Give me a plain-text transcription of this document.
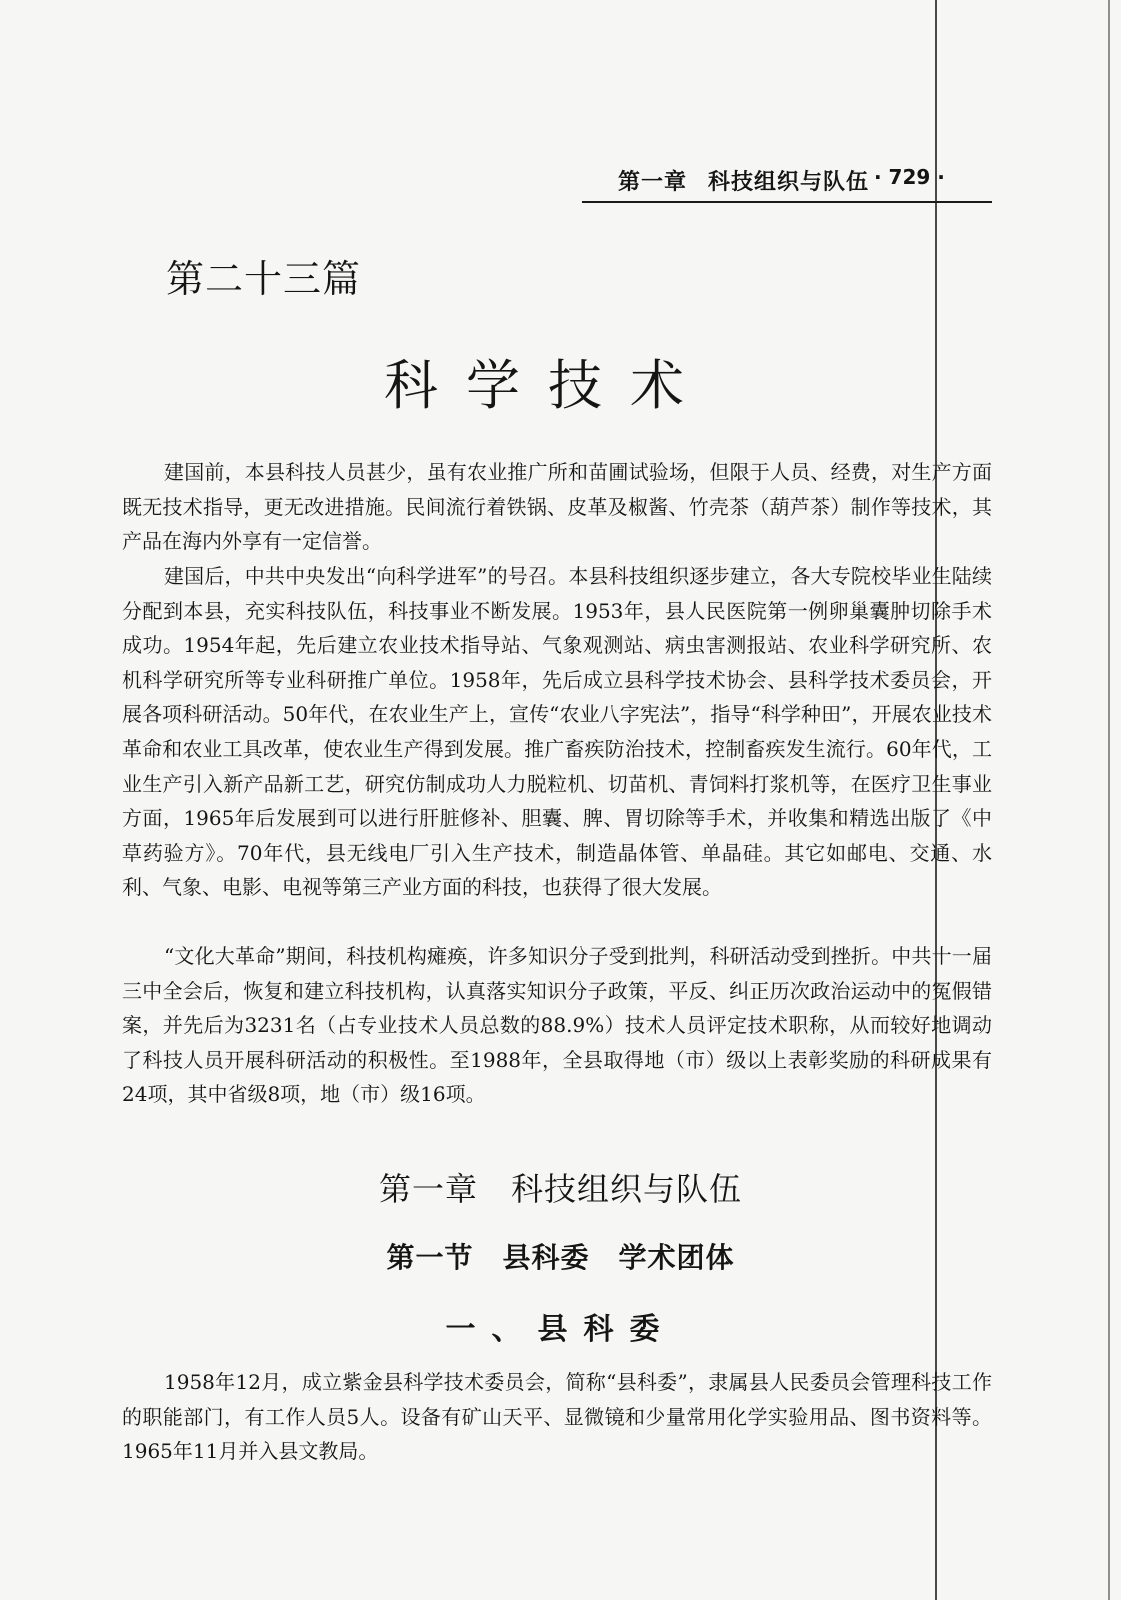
第一章 科技组织与队伍 · 729 ·
第二十三篇
科学技术

建国前，本县科技人员甚少，虽有农业推广所和苗圃试验场，但限于人员、经费，对生产方面既无技术指导，更无改进措施。民间流行着铁锅、皮革及椒酱、竹壳茶（葫芦茶）制作等技术，其产品在海内外享有一定信誉。

建国后，中共中央发出“向科学进军”的号召。本县科技组织逐步建立，各大专院校毕业生陆续分配到本县，充实科技队伍，科技事业不断发展。1953年，县人民医院第一例卵巢囊肿切除手术成功。1954年起，先后建立农业技术指导站、气象观测站、病虫害测报站、农业科学研究所、农机科学研究所等专业科研推广单位。1958年，先后成立县科学技术协会、县科学技术委员会，开展各项科研活动。50年代，在农业生产上，宣传“农业八字宪法”，指导“科学种田”，开展农业技术革命和农业工具改革，使农业生产得到发展。推广畜疾防治技术，控制畜疾发生流行。60年代，工业生产引入新产品新工艺，研究仿制成功人力脱粒机、切苗机、青饲料打浆机等，在医疗卫生事业方面，1965年后发展到可以进行肝脏修补、胆囊、脾、胃切除等手术，并收集和精选出版了《中草药验方》。70年代，县无线电厂引入生产技术，制造晶体管、单晶硅。其它如邮电、交通、水利、气象、电影、电视等第三产业方面的科技，也获得了很大发展。

“文化大革命”期间，科技机构瘫痪，许多知识分子受到批判，科研活动受到挫折。中共十一届三中全会后，恢复和建立科技机构，认真落实知识分子政策，平反、纠正历次政治运动中的冤假错案，并先后为3231名（占专业技术人员总数的88.9%）技术人员评定技术职称，从而较好地调动了科技人员开展科研活动的积极性。至1988年，全县取得地（市）级以上表彰奖励的科研成果有24项，其中省级8项，地（市）级16项。

第一章　科技组织与队伍
第一节　县科委　学术团体
一、县科委

1958年12月，成立紫金县科学技术委员会，简称“县科委”，隶属县人民委员会管理科技工作的职能部门，有工作人员5人。设备有矿山天平、显微镜和少量常用化学实验用品、图书资料等。1965年11月并入县文教局。
